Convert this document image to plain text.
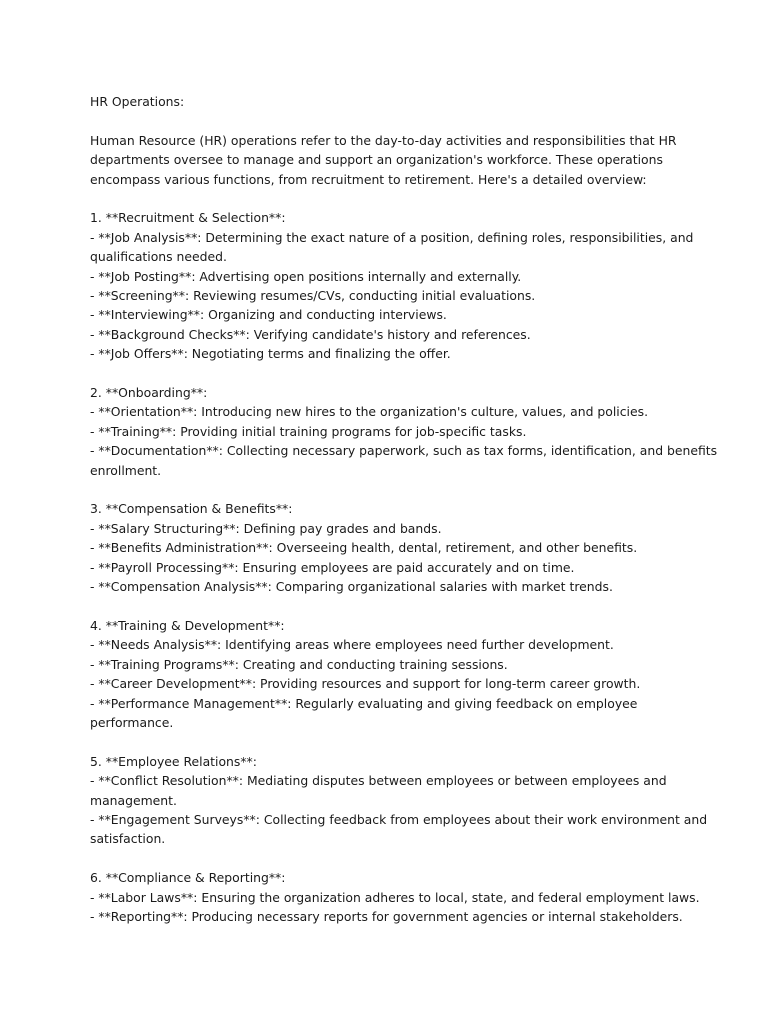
HR Operations:
Human Resource (HR) operations refer to the day-to-day activities and responsibilities that HR
departments oversee to manage and support an organization's workforce. These operations
encompass various functions, from recruitment to retirement. Here's a detailed overview:
1. **Recruitment & Selection**:
- **Job Analysis**: Determining the exact nature of a position, defining roles, responsibilities, and
qualifications needed.
- **Job Posting**: Advertising open positions internally and externally.
- **Screening**: Reviewing resumes/CVs, conducting initial evaluations.
- **Interviewing**: Organizing and conducting interviews.
- **Background Checks**: Verifying candidate's history and references.
- **Job Offers**: Negotiating terms and finalizing the offer.
2. **Onboarding**:
- **Orientation**: Introducing new hires to the organization's culture, values, and policies.
- **Training**: Providing initial training programs for job-specific tasks.
- **Documentation**: Collecting necessary paperwork, such as tax forms, identification, and benefits
enrollment.
3. **Compensation & Benefits**:
- **Salary Structuring**: Defining pay grades and bands.
- **Benefits Administration**: Overseeing health, dental, retirement, and other benefits.
- **Payroll Processing**: Ensuring employees are paid accurately and on time.
- **Compensation Analysis**: Comparing organizational salaries with market trends.
4. **Training & Development**:
- **Needs Analysis**: Identifying areas where employees need further development.
- **Training Programs**: Creating and conducting training sessions.
- **Career Development**: Providing resources and support for long-term career growth.
- **Performance Management**: Regularly evaluating and giving feedback on employee
performance.
5. **Employee Relations**:
- **Conflict Resolution**: Mediating disputes between employees or between employees and
management.
- **Engagement Surveys**: Collecting feedback from employees about their work environment and
satisfaction.
6. **Compliance & Reporting**:
- **Labor Laws**: Ensuring the organization adheres to local, state, and federal employment laws.
- **Reporting**: Producing necessary reports for government agencies or internal stakeholders.
